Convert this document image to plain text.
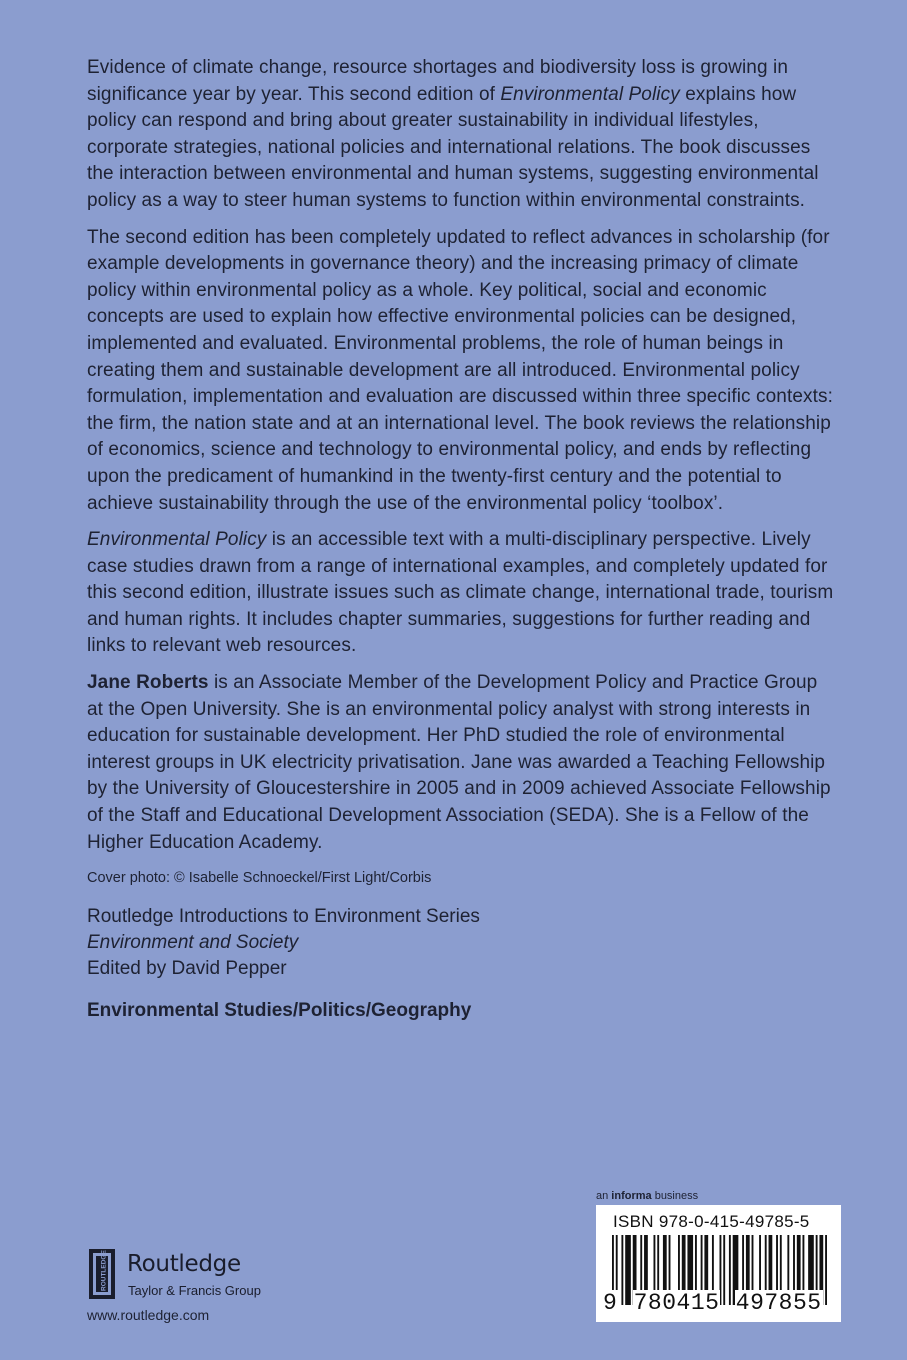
Evidence of climate change, resource shortages and biodiversity loss is growing in significance year by year. This second edition of Environmental Policy explains how policy can respond and bring about greater sustainability in individual lifestyles, corporate strategies, national policies and international relations. The book discusses the interaction between environmental and human systems, suggesting environmental policy as a way to steer human systems to function within environmental constraints.

The second edition has been completely updated to reflect advances in scholarship (for example developments in governance theory) and the increasing primacy of climate policy within environmental policy as a whole. Key political, social and economic concepts are used to explain how effective environmental policies can be designed, implemented and evaluated. Environmental problems, the role of human beings in creating them and sustainable development are all introduced. Environmental policy formulation, implementation and evaluation are discussed within three specific contexts: the firm, the nation state and at an international level. The book reviews the relationship of economics, science and technology to environmental policy, and ends by reflecting upon the predicament of humankind in the twenty-first century and the potential to achieve sustainability through the use of the environmental policy ‘toolbox’.

Environmental Policy is an accessible text with a multi-disciplinary perspective. Lively case studies drawn from a range of international examples, and completely updated for this second edition, illustrate issues such as climate change, international trade, tourism and human rights. It includes chapter summaries, suggestions for further reading and links to relevant web resources.

Jane Roberts is an Associate Member of the Development Policy and Practice Group at the Open University. She is an environmental policy analyst with strong interests in education for sustainable development. Her PhD studied the role of environmental interest groups in UK electricity privatisation. Jane was awarded a Teaching Fellowship by the University of Gloucestershire in 2005 and in 2009 achieved Associate Fellowship of the Staff and Educational Development Association (SEDA). She is a Fellow of the Higher Education Academy.

Cover photo: © Isabelle Schnoeckel/First Light/Corbis

Routledge Introductions to Environment Series

Environment and Society

Edited by David Pepper

Environmental Studies/Politics/Geography
ROUTLEDGE Routledge
Taylor & Francis Group
www.routledge.com
an informa business
ISBN 978-0-415-49785-5
9 780415 497855
